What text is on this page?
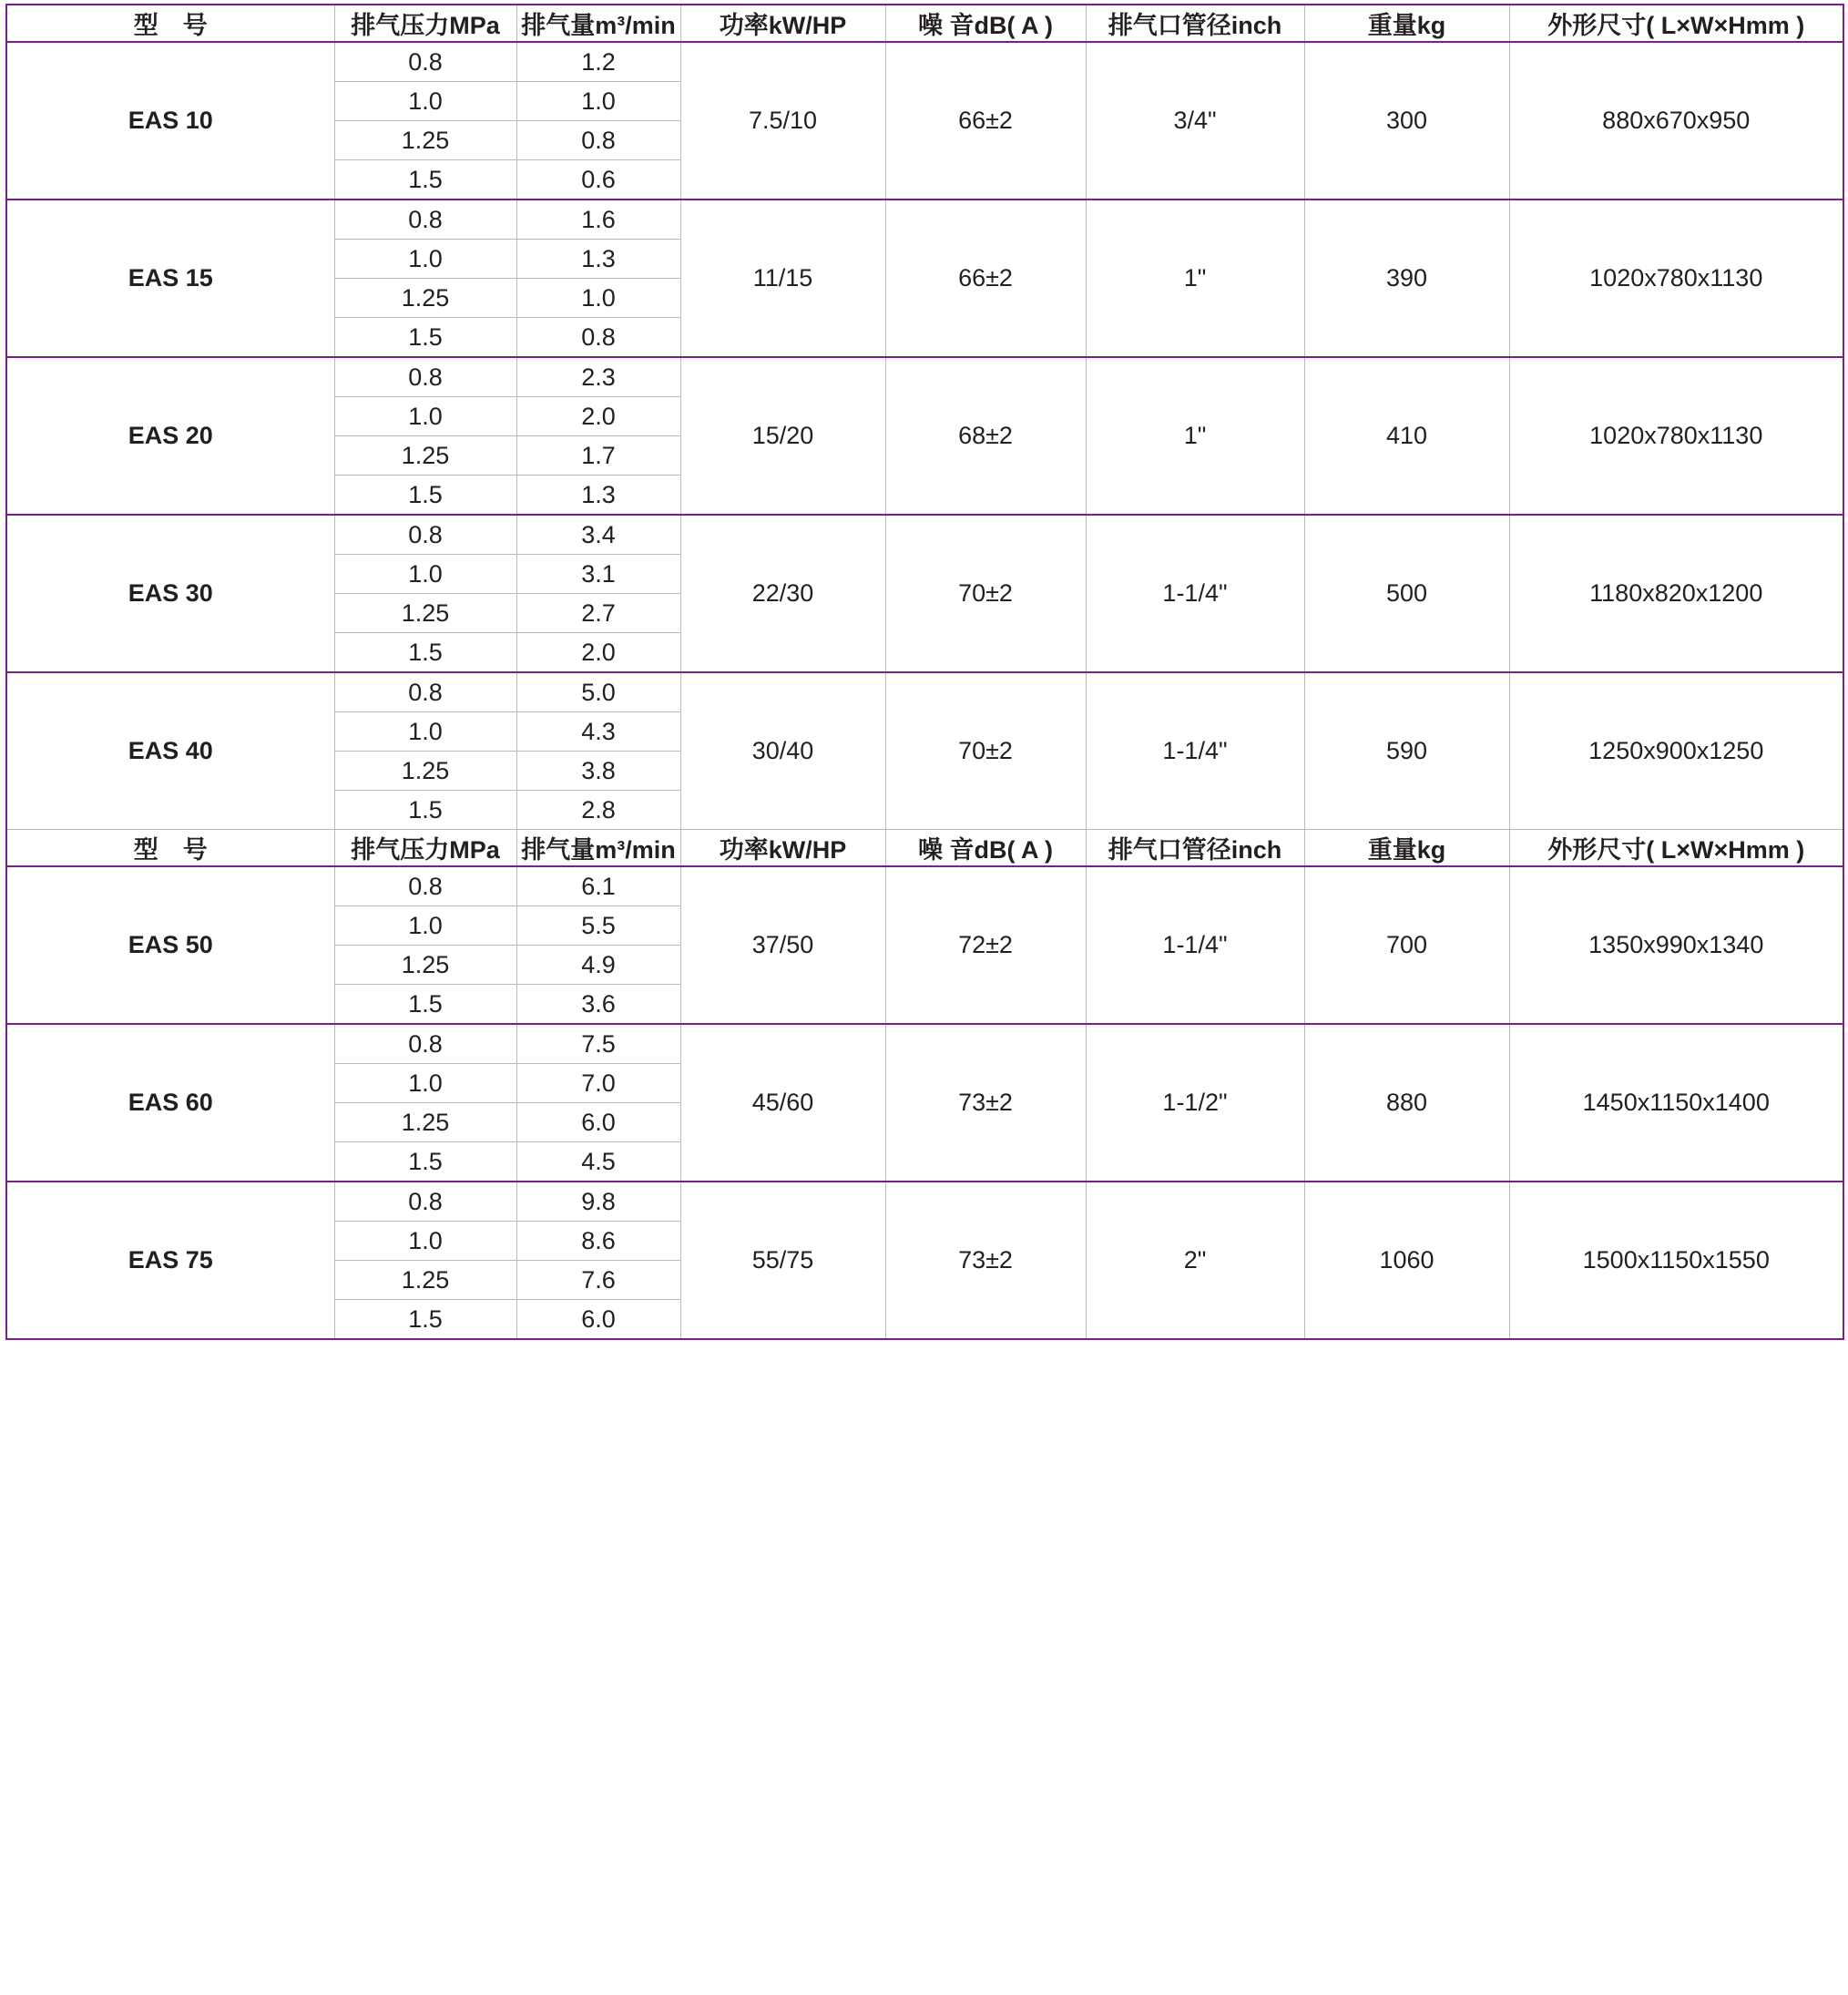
型　号	排气压力MPa	排气量m³/min	功率kW/HP	噪 音dB( A )	排气口管径inch	重量kg	外形尺寸( L×W×Hmm )
EAS 10	0.8	1.2	7.5/10	66±2	3/4"	300	880x670x950
	1.0	1.0					
	1.25	0.8					
	1.5	0.6					
EAS 15	0.8	1.6	11/15	66±2	1"	390	1020x780x1130
	1.0	1.3					
	1.25	1.0					
	1.5	0.8					
EAS 20	0.8	2.3	15/20	68±2	1"	410	1020x780x1130
	1.0	2.0					
	1.25	1.7					
	1.5	1.3					
EAS 30	0.8	3.4	22/30	70±2	1-1/4"	500	1180x820x1200
	1.0	3.1					
	1.25	2.7					
	1.5	2.0					
EAS 40	0.8	5.0	30/40	70±2	1-1/4"	590	1250x900x1250
	1.0	4.3					
	1.25	3.8					
	1.5	2.8					
型　号	排气压力MPa	排气量m³/min	功率kW/HP	噪 音dB( A )	排气口管径inch	重量kg	外形尺寸( L×W×Hmm )
EAS 50	0.8	6.1	37/50	72±2	1-1/4"	700	1350x990x1340
	1.0	5.5					
	1.25	4.9					
	1.5	3.6					
EAS 60	0.8	7.5	45/60	73±2	1-1/2"	880	1450x1150x1400
	1.0	7.0					
	1.25	6.0					
	1.5	4.5					
EAS 75	0.8	9.8	55/75	73±2	2"	1060	1500x1150x1550
	1.0	8.6					
	1.25	7.6					
	1.5	6.0					
